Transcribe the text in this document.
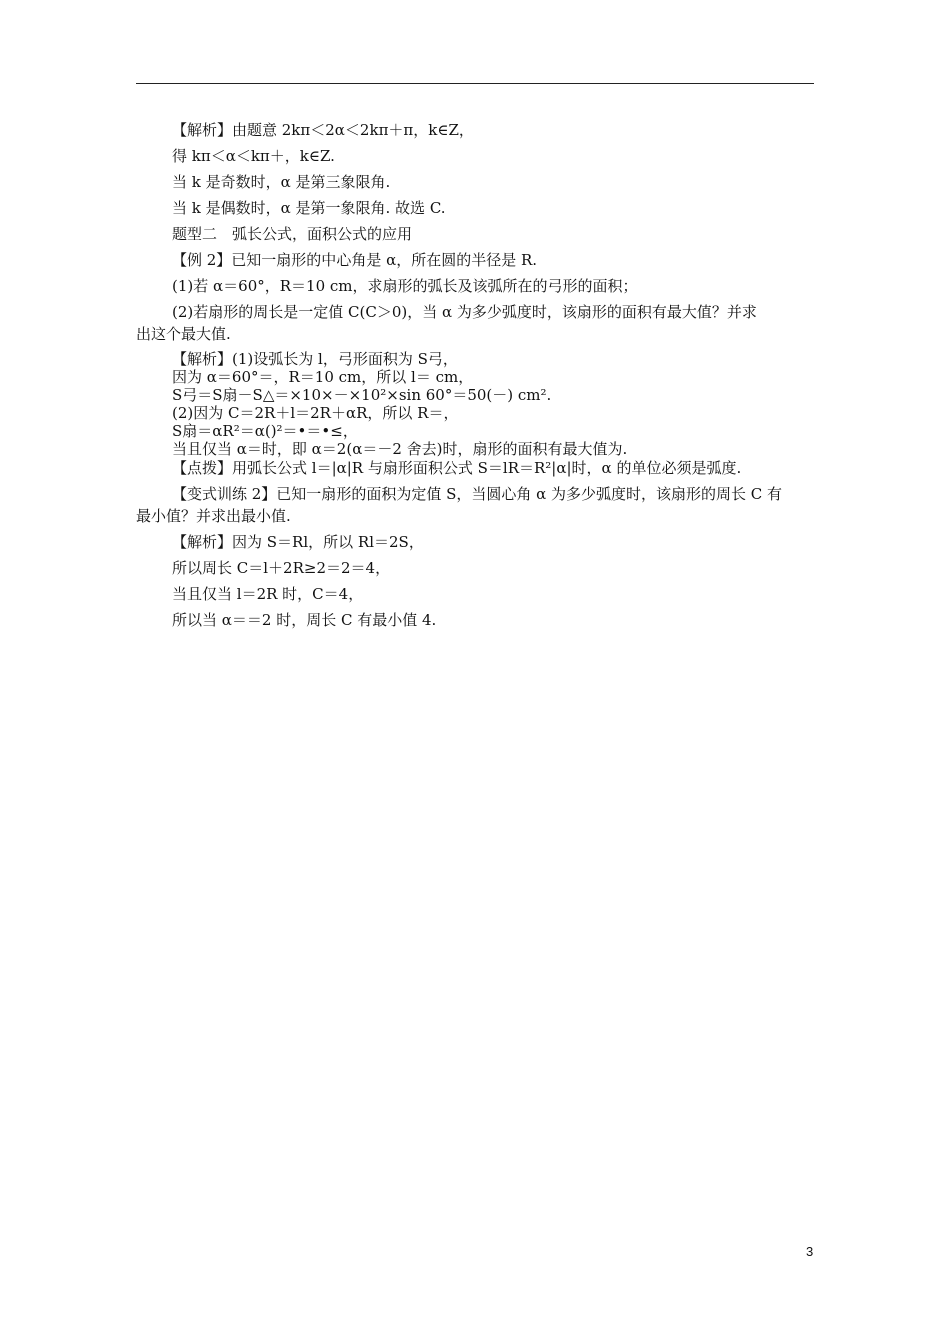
【解析】由题意 2kπ＜2α＜2kπ＋π，k∈Z，
得 kπ＜α＜kπ＋，k∈Z.
当 k 是奇数时，α 是第三象限角.
当 k 是偶数时，α 是第一象限角. 故选 C.
题型二　弧长公式，面积公式的应用
【例 2】已知一扇形的中心角是 α，所在圆的半径是 R.
(1)若 α＝60°，R＝10 cm，求扇形的弧长及该弧所在的弓形的面积；
(2)若扇形的周长是一定值 C(C＞0)，当 α 为多少弧度时，该扇形的面积有最大值？并求
出这个最大值.
【解析】(1)设弧长为 l，弓形面积为 S弓，
因为 α＝60°＝，R＝10 cm，所以 l＝ cm，
S弓＝S扇－S△＝×10×－×10²×sin 60°＝50(－) cm².
(2)因为 C＝2R＋l＝2R＋αR，所以 R＝，
S扇＝αR²＝α()²＝•＝•≤，
当且仅当 α＝时，即 α＝2(α＝－2 舍去)时，扇形的面积有最大值为.
【点拨】用弧长公式 l＝|α|R 与扇形面积公式 S＝lR＝R²|α|时，α 的单位必须是弧度.
【变式训练 2】已知一扇形的面积为定值 S，当圆心角 α 为多少弧度时，该扇形的周长 C 有
最小值？并求出最小值.
【解析】因为 S＝Rl，所以 Rl＝2S，
所以周长 C＝l＋2R≥2＝2＝4，
当且仅当 l＝2R 时，C＝4，
所以当 α＝＝2 时，周长 C 有最小值 4.
3
